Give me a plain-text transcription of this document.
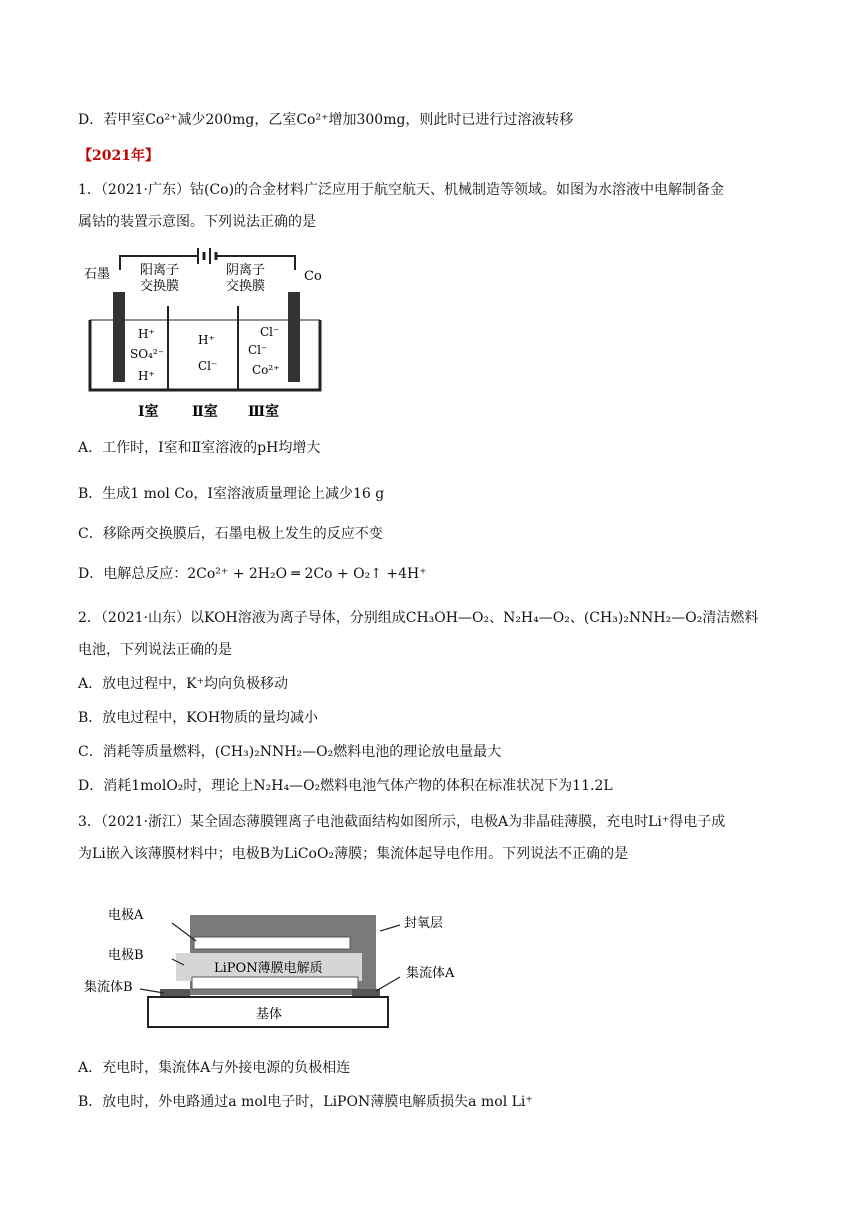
D．若甲室Co²⁺减少200mg，乙室Co²⁺增加300mg，则此时已进行过溶液转移
【2021年】
1．（2021·广东）钴(Co)的合金材料广泛应用于航空航天、机械制造等领域。如图为水溶液中电解制备金
属钴的装置示意图。下列说法正确的是
石墨 阳离子
交换膜
阴离子
交换膜
Co
H⁺
SO₄²⁻
H⁺
H⁺
Cl⁻
Cl⁻
Cl⁻
Co²⁺
Ⅰ室 Ⅱ室 Ⅲ室
A．工作时，Ⅰ室和Ⅱ室溶液的pH均增大
B．生成1 mol Co，Ⅰ室溶液质量理论上减少16 g
C．移除两交换膜后，石墨电极上发生的反应不变
D．电解总反应：2Co²⁺ + 2H₂O ═ 2Co + O₂↑ +4H⁺
2．（2021·山东）以KOH溶液为离子导体，分别组成CH₃OH—O₂、N₂H₄—O₂、(CH₃)₂NNH₂—O₂清洁燃料
电池，下列说法正确的是
A．放电过程中，K⁺均向负极移动
B．放电过程中，KOH物质的量均减小
C．消耗等质量燃料，(CH₃)₂NNH₂—O₂燃料电池的理论放电量最大
D．消耗1molO₂时，理论上N₂H₄—O₂燃料电池气体产物的体积在标准状况下为11.2L
3．（2021·浙江）某全固态薄膜锂离子电池截面结构如图所示，电极A为非晶硅薄膜，充电时Li⁺得电子成
为Li嵌入该薄膜材料中；电极B为LiCoO₂薄膜；集流体起导电作用。下列说法不正确的是
电极A
电极B
集流体B
封氧层
LiPON薄膜电解质	集流体A
基体
A．充电时，集流体A与外接电源的负极相连
B．放电时，外电路通过a mol电子时，LiPON薄膜电解质损失a mol Li⁺
